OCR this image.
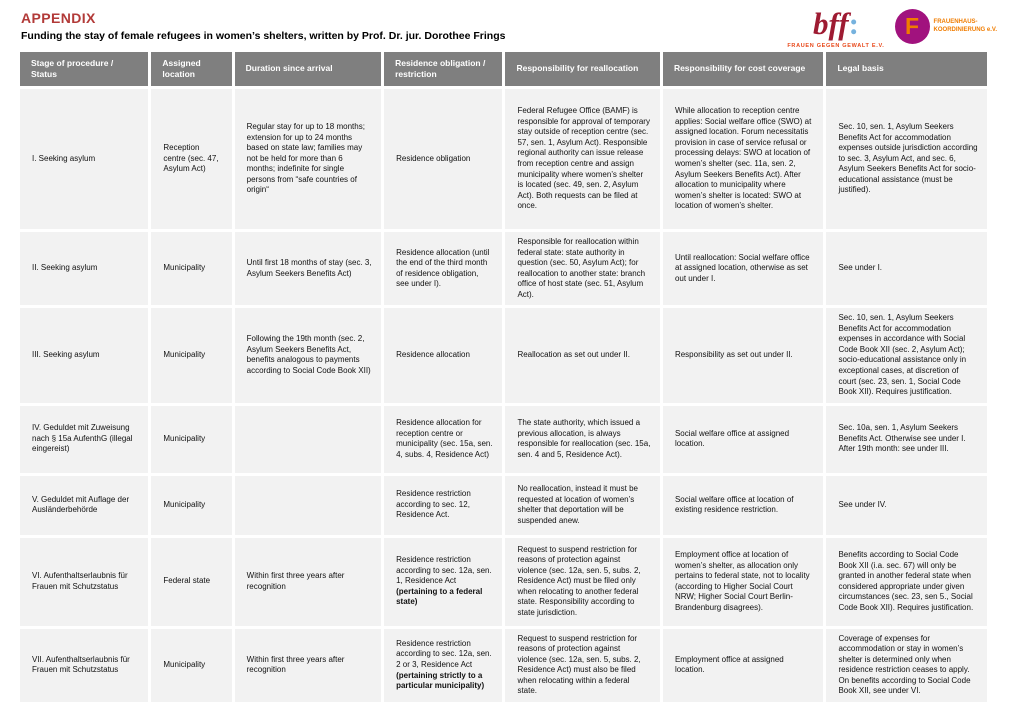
APPENDIX
Funding the stay of female refugees in women’s shelters, written by Prof. Dr. jur. Dorothee Frings	bff:
FRAUEN GEGEN GEWALT E.V.
F	FRAUENHAUS-
KOORDINIERUNG e.V.
Stage of procedure / Status	Assigned location	Duration since arrival	Residence obligation / restriction	Responsibility for reallocation	Responsibility for cost coverage	Legal basis
I. Seeking asylum	Reception centre (sec. 47, Asylum Act)	Regular stay for up to 18 months; extension for up to 24 months based on state law; families may not be held for more than 6 months; indefinite for single persons from “safe countries of origin“	Residence obligation	Federal Refugee Office (BAMF) is responsible for approval of temporary stay outside of reception centre (sec. 57, sen. 1, Asylum Act). Responsible regional authority can issue release from reception centre and assign municipality where women’s shelter is located (sec. 49, sen. 2, Asylum Act). Both requests can be filed at once.	While allocation to reception centre applies: Social welfare office (SWO) at assigned location. Forum necessitatis provision in case of service refusal or processing delays: SWO at location of women’s shelter (sec. 11a, sen. 2, Asylum Seekers Benefits Act). After allocation to municipality where women’s shelter is located: SWO at location of women’s shelter.	Sec. 10, sen. 1, Asylum Seekers Benefits Act for accommodation expenses outside jurisdiction according to sec. 3, Asylum Act, and sec. 6, Asylum Seekers Benefits Act for socio-educational assistance (must be justified).
II. Seeking asylum	Municipality	Until first 18 months of stay (sec. 3, Asylum Seekers Benefits Act)	Residence allocation (until the end of the third month of residence obligation, see under I).	Responsible for reallocation within federal state: state authority in question (sec. 50, Asylum Act); for reallocation to another state: branch office of host state (sec. 51, Asylum Act).	Until reallocation: Social welfare office at assigned location, otherwise as set out under I.	See under I.
III. Seeking asylum	Municipality	Following the 19th month (sec. 2, Asylum Seekers Benefits Act, benefits analogous to payments according to Social Code Book XII)	Residence allocation	Reallocation as set out under II.	Responsibility as set out under II.	Sec. 10, sen. 1, Asylum Seekers Benefits Act for accommodation expenses in accordance with Social Code Book XII (sec. 2, Asylum Act); socio-educational assistance only in exceptional cases, at discretion of court (sec. 23, sen. 1, Social Code Book XII). Requires justification.
IV. Geduldet mit Zuweisung nach § 15a AufenthG (illegal eingereist)	Municipality		Residence allocation for reception centre or municipality (sec. 15a, sen. 4, subs. 4, Residence Act)	The state authority, which issued a previous allocation, is always responsible for reallocation (sec. 15a, sen. 4 and 5, Residence Act).	Social welfare office at assigned location.	Sec. 10a, sen. 1, Asylum Seekers Benefits Act. Otherwise see under I. After 19th month: see under III.
V. Geduldet mit Auflage der Ausländerbehörde	Municipality		Residence restriction according to sec. 12, Residence Act.	No reallocation, instead it must be requested at location of women’s shelter that deportation will be suspended anew.	Social welfare office at location of existing residence restriction.	See under IV.
VI. Aufenthaltserlaubnis für Frauen mit Schutzstatus	Federal state	Within first three years after recognition	Residence restriction according to sec. 12a, sen. 1, Residence Act (pertaining to a federal state)	Request to suspend restriction for reasons of protection against violence (sec. 12a, sen. 5, subs. 2, Residence Act) must be filed only when relocating to another federal state. Responsibility according to state jurisdiction.	Employment office at location of women’s shelter, as allocation only pertains to federal state, not to locality (according to Higher Social Court NRW; Higher Social Court Berlin-Brandenburg disagrees).	Benefits according to Social Code Book XII (i.a. sec. 67) will only be granted in another federal state when considered appropriate under given circumstances (sec. 23, sen 5., Social Code Book XII). Requires justification.
VII. Aufenthaltserlaubnis für Frauen mit Schutzstatus	Municipality	Within first three years after recognition	Residence restriction according to sec. 12a, sen. 2 or 3, Residence Act (pertaining strictly to a particular municipality)	Request to suspend restriction for reasons of protection against violence (sec. 12a, sen. 5, subs. 2, Residence Act) must also be filed when relocating within a federal state.	Employment office at assigned location.	Coverage of expenses for accommodation or stay in women’s shelter is determined only when residence restriction ceases to apply. On benefits according to Social Code Book XII, see under VI.
